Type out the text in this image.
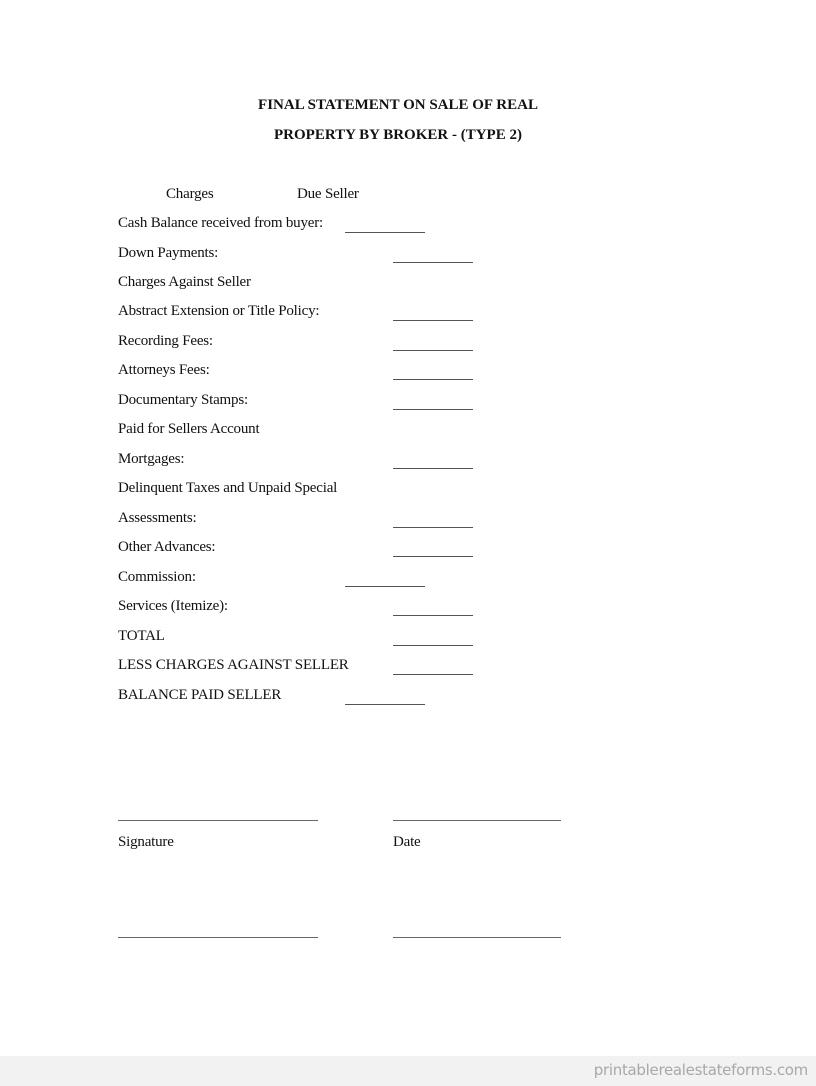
FINAL STATEMENT ON SALE OF REAL
PROPERTY BY BROKER - (TYPE 2)
Charges	Due Seller
Cash Balance received from buyer:
Down Payments:
Charges Against Seller
Abstract Extension or Title Policy:
Recording Fees:
Attorneys Fees:
Documentary Stamps:
Paid for Sellers Account
Mortgages:
Delinquent Taxes and Unpaid Special
Assessments:
Other Advances:
Commission:
Services (Itemize):
TOTAL
LESS CHARGES AGAINST SELLER
BALANCE PAID SELLER
Signature	Date
printablerealestateforms.com
